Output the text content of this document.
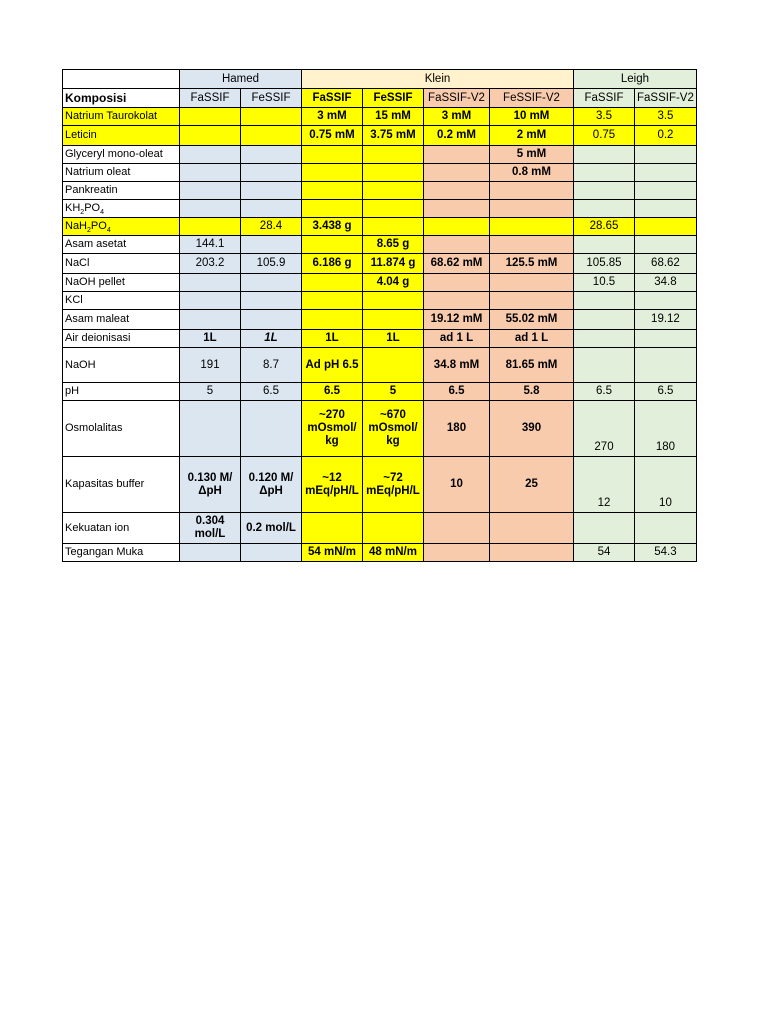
	Hamed		Klein				Leigh	
Komposisi	FaSSIF	FeSSIF	FaSSIF	FeSSIF	FaSSIF-V2	FeSSIF-V2	FaSSIF	FaSSIF-V2
Natrium Taurokolat			3 mM	15 mM	3 mM	10 mM	3.5	3.5
Leticin			0.75 mM	3.75 mM	0.2 mM	2 mM	0.75	0.2
Glyceryl mono-oleat						5 mM		
Natrium oleat						0.8 mM		
Pankreatin								
$KH_2PO_4$								
$NaH_2PO_4$		28.4	3.438 g				28.65	
Asam asetat	144.1			8.65 g				
NaCl	203.2	105.9	6.186 g	11.874 g	68.62 mM	125.5 mM	105.85	68.62
NaOH pellet				4.04 g			10.5	34.8
KCl								
Asam maleat					19.12 mM	55.02 mM		19.12
Air deionisasi	1L	1L	1L	1L	ad 1 L	ad 1 L		
NaOH	191	8.7	Ad pH 6.5		34.8 mM	81.65 mM		
pH	5	6.5	6.5	5	6.5	5.8	6.5	6.5
Osmolalitas			~270 mOsmol/ kg	~670 mOsmol/ kg	180	390	270	180
Kapasitas buffer	0.130 M/ΔpH	0.120 M/ΔpH	~12 mEq/pH/L	~72 mEq/pH/L	10	25	12	10
Kekuatan ion	0.304 mol/L	0.2 mol/L						
Tegangan Muka			54 mN/m	48 mN/m			54	54.3
